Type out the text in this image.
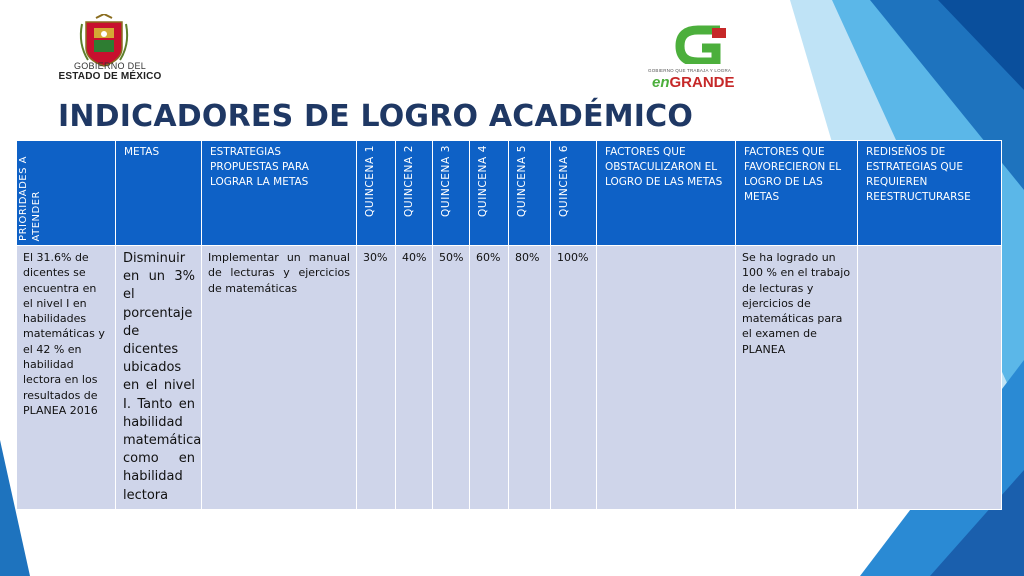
GOBIERNO DEL
ESTADO DE MÉXICO
GOBIERNO QUE TRABAJA Y LOGRA
enGRANDE
INDICADORES DE LOGRO ACADÉMICO
PRIORIDADES A ATENDER	METAS	ESTRATEGIAS PROPUESTAS PARA LOGRAR LA METAS	QUINCENA 1	QUINCENA 2	QUINCENA 3	QUINCENA 4	QUINCENA 5	QUINCENA 6	FACTORES QUE OBSTACULIZARON EL LOGRO DE LAS METAS	FACTORES QUE FAVORECIERON EL LOGRO DE LAS METAS	REDISEÑOS DE ESTRATEGIAS QUE REQUIEREN REESTRUCTURARSE
El 31.6% de dicentes se encuentra en el nivel I en habilidades matemáticas y el 42 % en habilidad lectora en los resultados de PLANEA 2016	Disminuir en un 3% el porcentaje de dicentes ubicados en el nivel I. Tanto en habilidad matemática como en habilidad lectora	Implementar un manual de lecturas y ejercicios de matemáticas	30%	40%	50%	60%	80%	100%		Se ha logrado un 100 % en el trabajo de lecturas y ejercicios de matemáticas para el examen de PLANEA	
